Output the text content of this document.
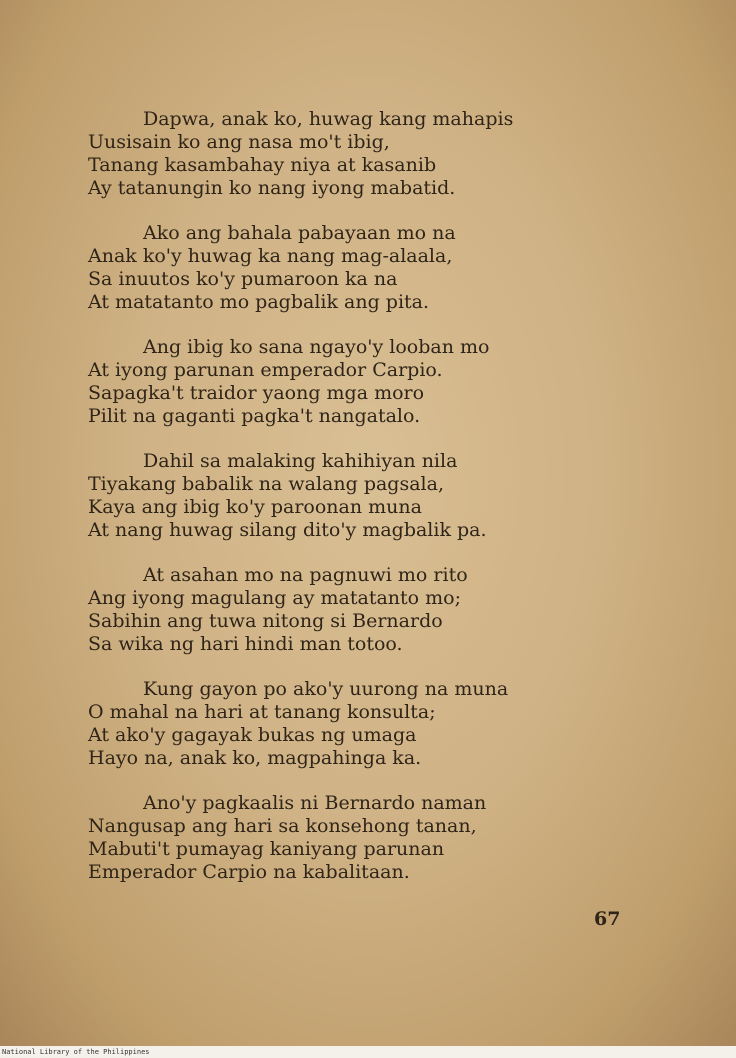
Dapwa, anak ko, huwag kang mahapis
Uusisain ko ang nasa mo't ibig,
Tanang kasambahay niya at kasanib
Ay tatanungin ko nang iyong mabatid.
Ako ang bahala pabayaan mo na
Anak ko'y huwag ka nang mag-alaala,
Sa inuutos ko'y pumaroon ka na
At matatanto mo pagbalik ang pita.
Ang ibig ko sana ngayo'y looban mo
At iyong parunan emperador Carpio.
Sapagka't traidor yaong mga moro
Pilit na gaganti pagka't nangatalo.
Dahil sa malaking kahihiyan nila
Tiyakang babalik na walang pagsala,
Kaya ang ibig ko'y paroonan muna
At nang huwag silang dito'y magbalik pa.
At asahan mo na pagnuwi mo rito
Ang iyong magulang ay matatanto mo;
Sabihin ang tuwa nitong si Bernardo
Sa wika ng hari hindi man totoo.
Kung gayon po ako'y uurong na muna
O mahal na hari at tanang konsulta;
At ako'y gagayak bukas ng umaga
Hayo na, anak ko, magpahinga ka.
Ano'y pagkaalis ni Bernardo naman
Nangusap ang hari sa konsehong tanan,
Mabuti't pumayag kaniyang parunan
Emperador Carpio na kabalitaan.
67
National Library of the Philippines
